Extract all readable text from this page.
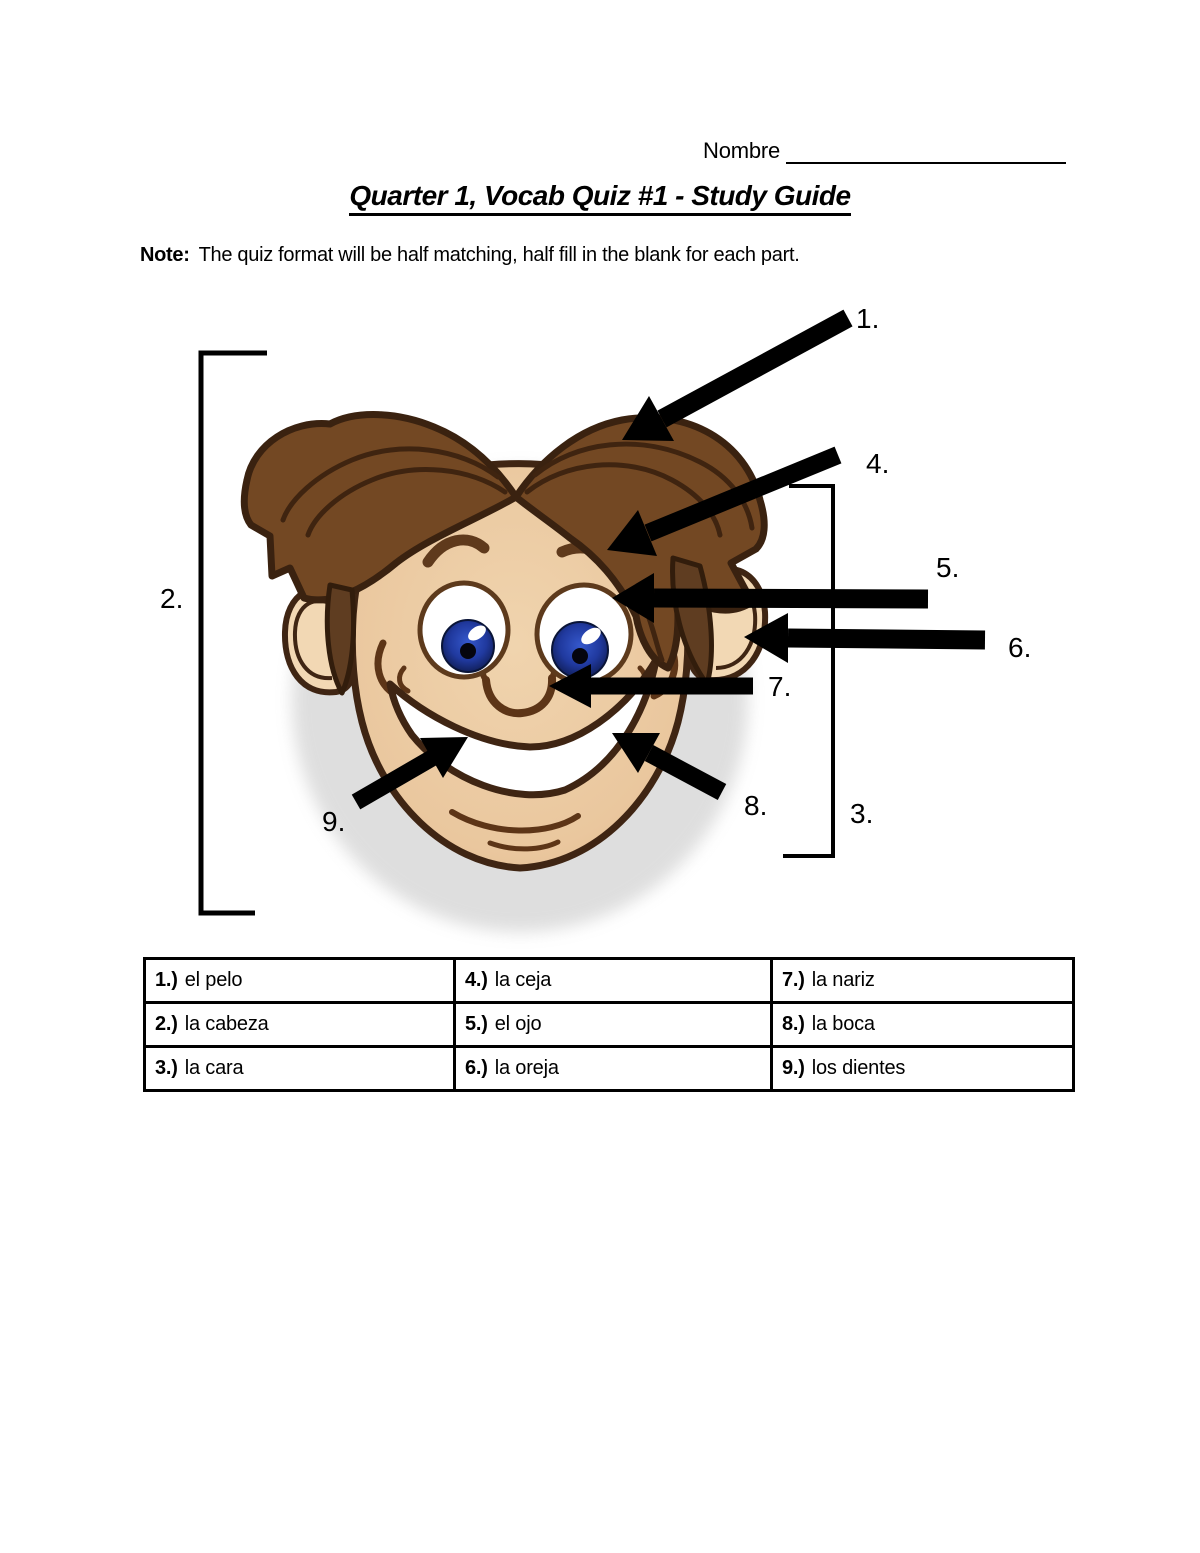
Nombre
Quarter 1, Vocab Quiz #1 - Study Guide
Note: The quiz format will be half matching, half fill in the blank for each part.
1.
2.
3.
4.
5.
6.
7.
8.
9.
1.) el pelo	4.) la ceja	7.) la nariz
2.) la cabeza	5.) el ojo	8.) la boca
3.) la cara	6.) la oreja	9.) los dientes
